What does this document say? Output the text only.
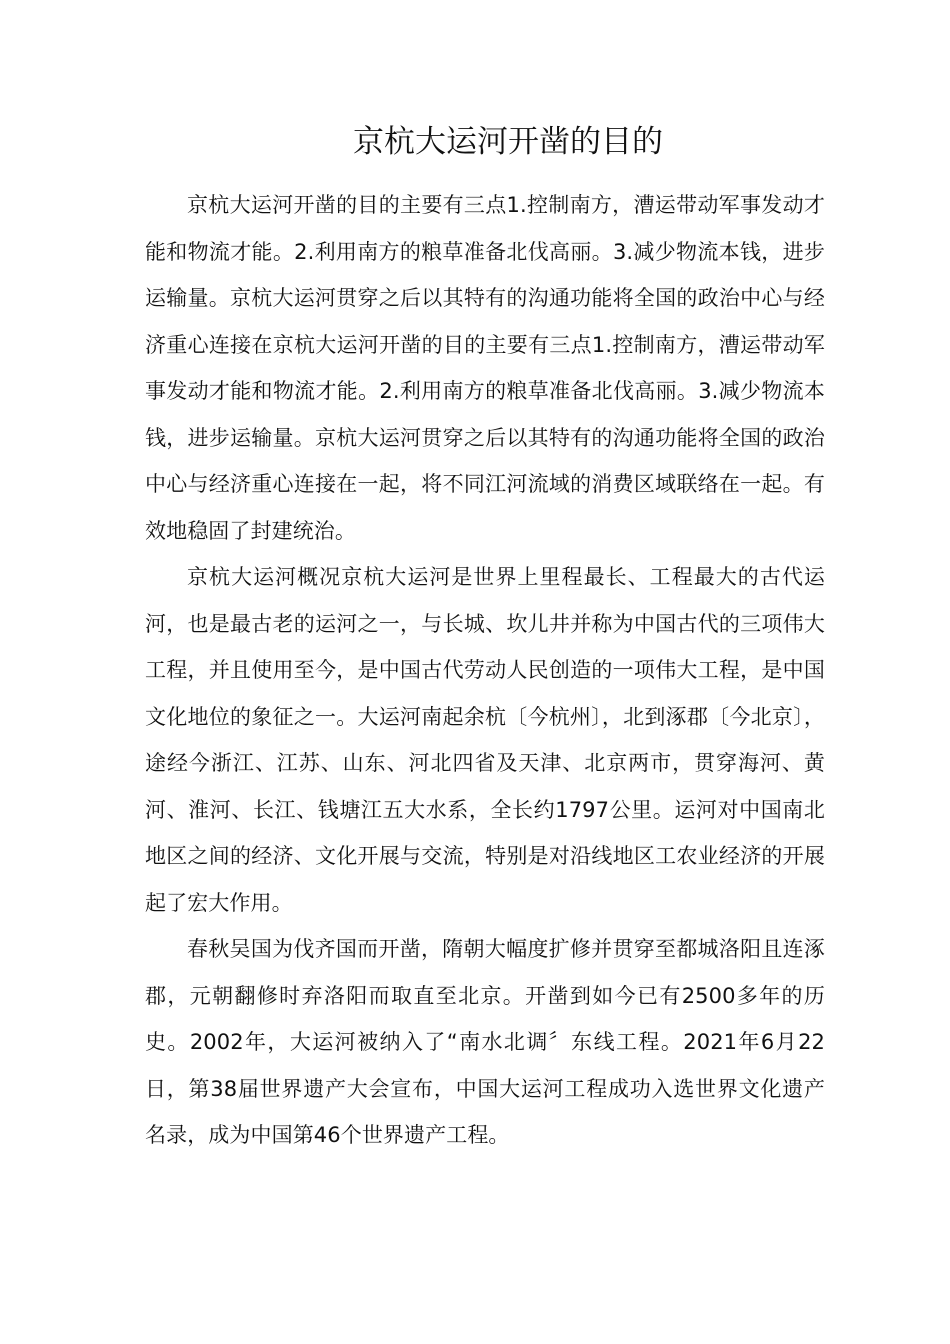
京杭大运河开凿的目的

京杭大运河开凿的目的主要有三点1.控制南方，漕运带动军事发动才能和物流才能。2.利用南方的粮草准备北伐高丽。3.减少物流本钱，进步运输量。京杭大运河贯穿之后以其特有的沟通功能将全国的政治中心与经济重心连接在京杭大运河开凿的目的主要有三点1.控制南方，漕运带动军事发动才能和物流才能。2.利用南方的粮草准备北伐高丽。3.减少物流本钱，进步运输量。京杭大运河贯穿之后以其特有的沟通功能将全国的政治中心与经济重心连接在一起，将不同江河流域的消费区域联络在一起。有效地稳固了封建统治。

京杭大运河概况京杭大运河是世界上里程最长、工程最大的古代运河，也是最古老的运河之一，与长城、坎儿井并称为中国古代的三项伟大工程，并且使用至今，是中国古代劳动人民创造的一项伟大工程，是中国文化地位的象征之一。大运河南起余杭〔今杭州〕，北到涿郡〔今北京〕，途经今浙江、江苏、山东、河北四省及天津、北京两市，贯穿海河、黄河、淮河、长江、钱塘江五大水系，全长约1797公里。运河对中国南北地区之间的经济、文化开展与交流，特别是对沿线地区工农业经济的开展起了宏大作用。

春秋吴国为伐齐国而开凿，隋朝大幅度扩修并贯穿至都城洛阳且连涿郡，元朝翻修时弃洛阳而取直至北京。开凿到如今已有2500多年的历史。2002年，大运河被纳入了“南水北调〞东线工程。2021年6月22日，第38届世界遗产大会宣布，中国大运河工程成功入选世界文化遗产名录，成为中国第46个世界遗产工程。
